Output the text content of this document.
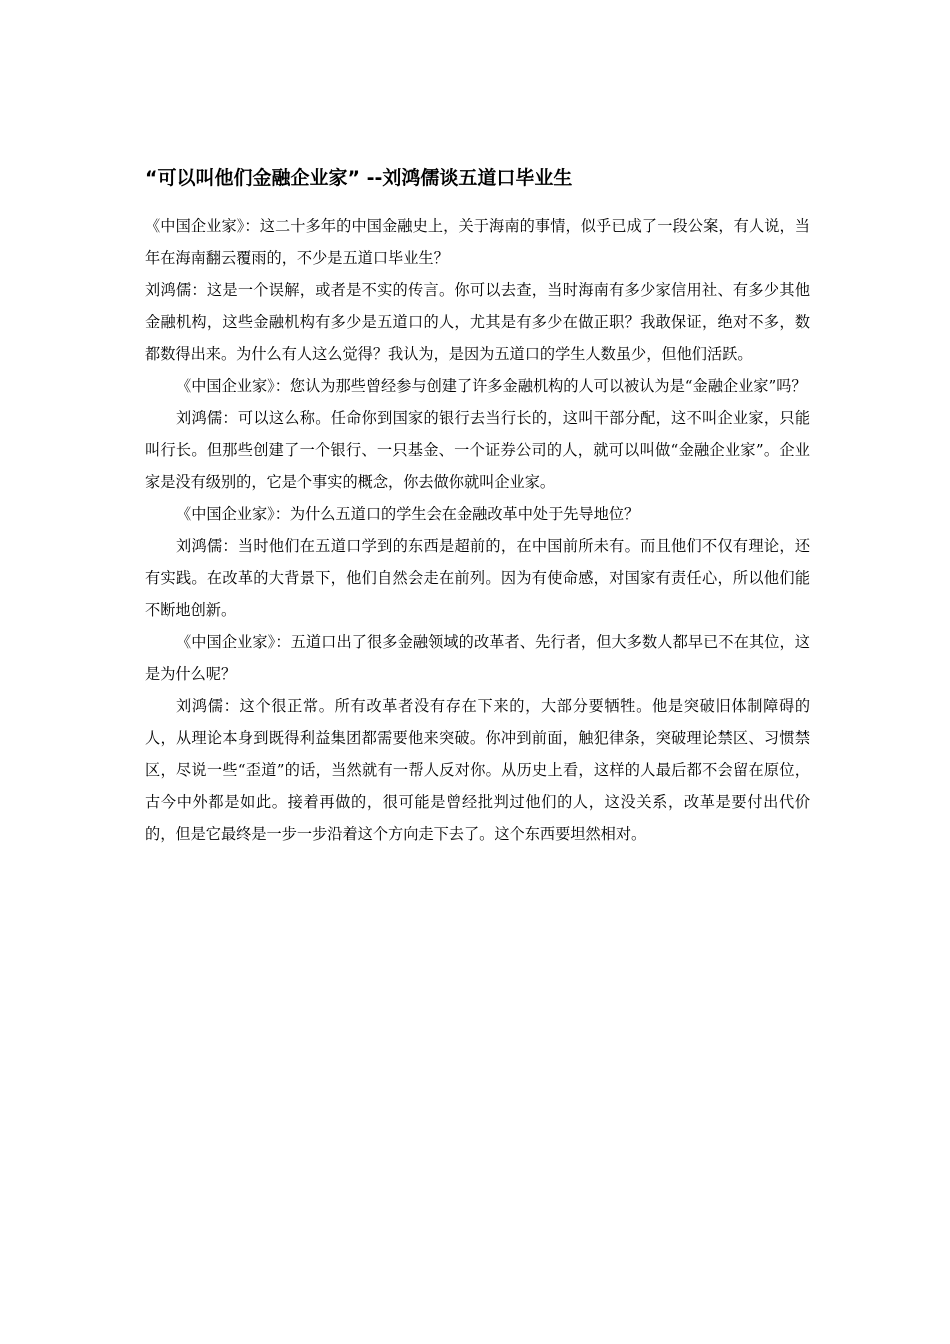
“可以叫他们金融企业家” --刘鸿儒谈五道口毕业生

《中国企业家》：这二十多年的中国金融史上，关于海南的事情，似乎已成了一段公案，有人说，当年在海南翻云覆雨的，不少是五道口毕业生？

刘鸿儒：这是一个误解，或者是不实的传言。你可以去查，当时海南有多少家信用社、有多少其他金融机构，这些金融机构有多少是五道口的人，尤其是有多少在做正职？我敢保证，绝对不多，数都数得出来。为什么有人这么觉得？我认为，是因为五道口的学生人数虽少，但他们活跃。

《中国企业家》：您认为那些曾经参与创建了许多金融机构的人可以被认为是“金融企业家”吗？

刘鸿儒：可以这么称。任命你到国家的银行去当行长的，这叫干部分配，这不叫企业家，只能叫行长。但那些创建了一个银行、一只基金、一个证券公司的人，就可以叫做“金融企业家”。企业家是没有级别的，它是个事实的概念，你去做你就叫企业家。

《中国企业家》：为什么五道口的学生会在金融改革中处于先导地位？

刘鸿儒：当时他们在五道口学到的东西是超前的，在中国前所未有。而且他们不仅有理论，还有实践。在改革的大背景下，他们自然会走在前列。因为有使命感，对国家有责任心，所以他们能不断地创新。

《中国企业家》：五道口出了很多金融领域的改革者、先行者，但大多数人都早已不在其位，这是为什么呢？

刘鸿儒：这个很正常。所有改革者没有存在下来的，大部分要牺牲。他是突破旧体制障碍的人，从理论本身到既得利益集团都需要他来突破。你冲到前面，触犯律条，突破理论禁区、习惯禁区，尽说一些“歪道”的话，当然就有一帮人反对你。从历史上看，这样的人最后都不会留在原位，古今中外都是如此。接着再做的，很可能是曾经批判过他们的人，这没关系，改革是要付出代价的，但是它最终是一步一步沿着这个方向走下去了。这个东西要坦然相对。
